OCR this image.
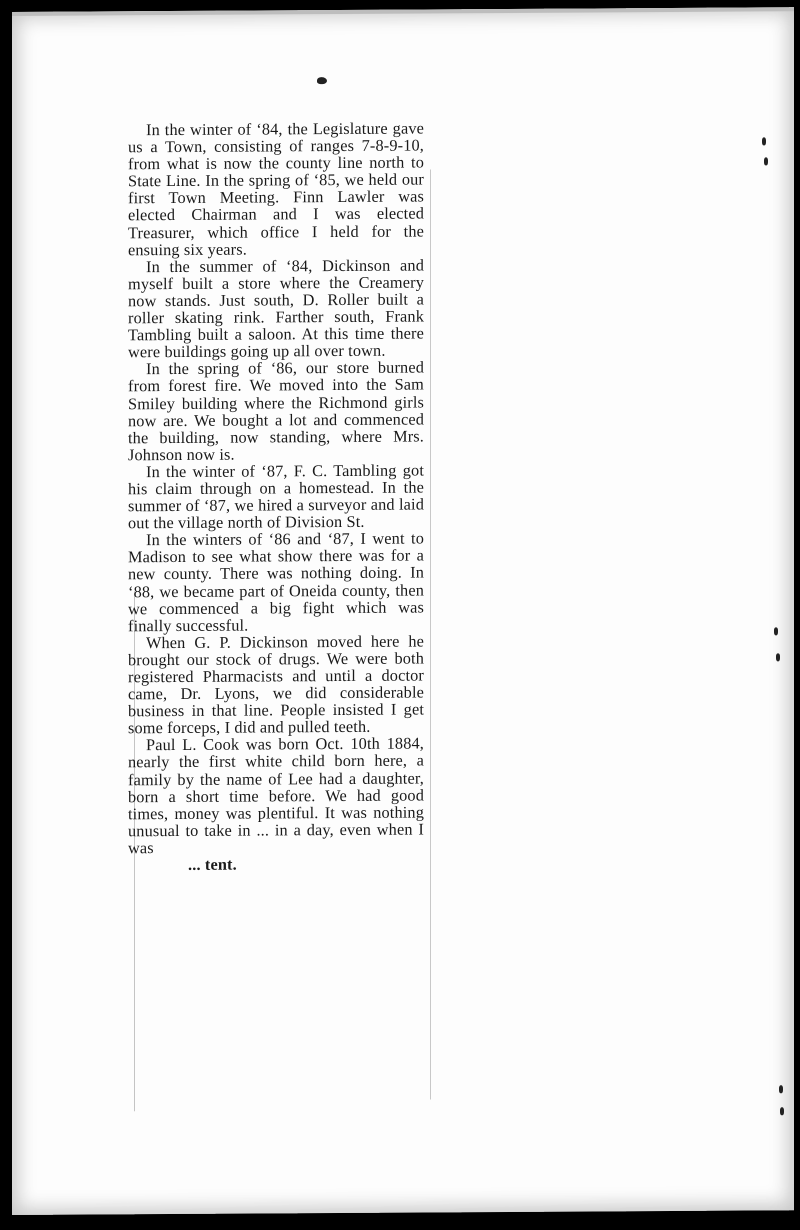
In the winter of ‘84, the Legislature gave us a Town, consisting of ranges 7-8-9-10, from what is now the county line north to State Line. In the spring of ‘85, we held our first Town Meeting. Finn Lawler was elected Chairman and I was elected Treasurer, which office I held for the ensuing six years.

In the summer of ‘84, Dickinson and myself built a store where the Creamery now stands. Just south, D. Roller built a roller skating rink. Farther south, Frank Tambling built a saloon. At this time there were buildings going up all over town.

In the spring of ‘86, our store burned from forest fire. We moved into the Sam Smiley building where the Richmond girls now are. We bought a lot and commenced the building, now standing, where Mrs. Johnson now is.

In the winter of ‘87, F. C. Tambling got his claim through on a homestead. In the summer of ‘87, we hired a surveyor and laid out the village north of Division St.

In the winters of ‘86 and ‘87, I went to Madison to see what show there was for a new county. There was nothing doing. In ‘88, we became part of Oneida county, then we commenced a big fight which was finally successful.

When G. P. Dickinson moved here he brought our stock of drugs. We were both registered Pharmacists and until a doctor came, Dr. Lyons, we did considerable business in that line. People insisted I get some forceps, I did and pulled teeth.

Paul L. Cook was born Oct. 10th 1884, nearly the first white child born here, a family by the name of Lee had a daughter, born a short time before. We had good times, money was plentiful. It was nothing unusual to take in ... in a day, even when I was

... tent.
